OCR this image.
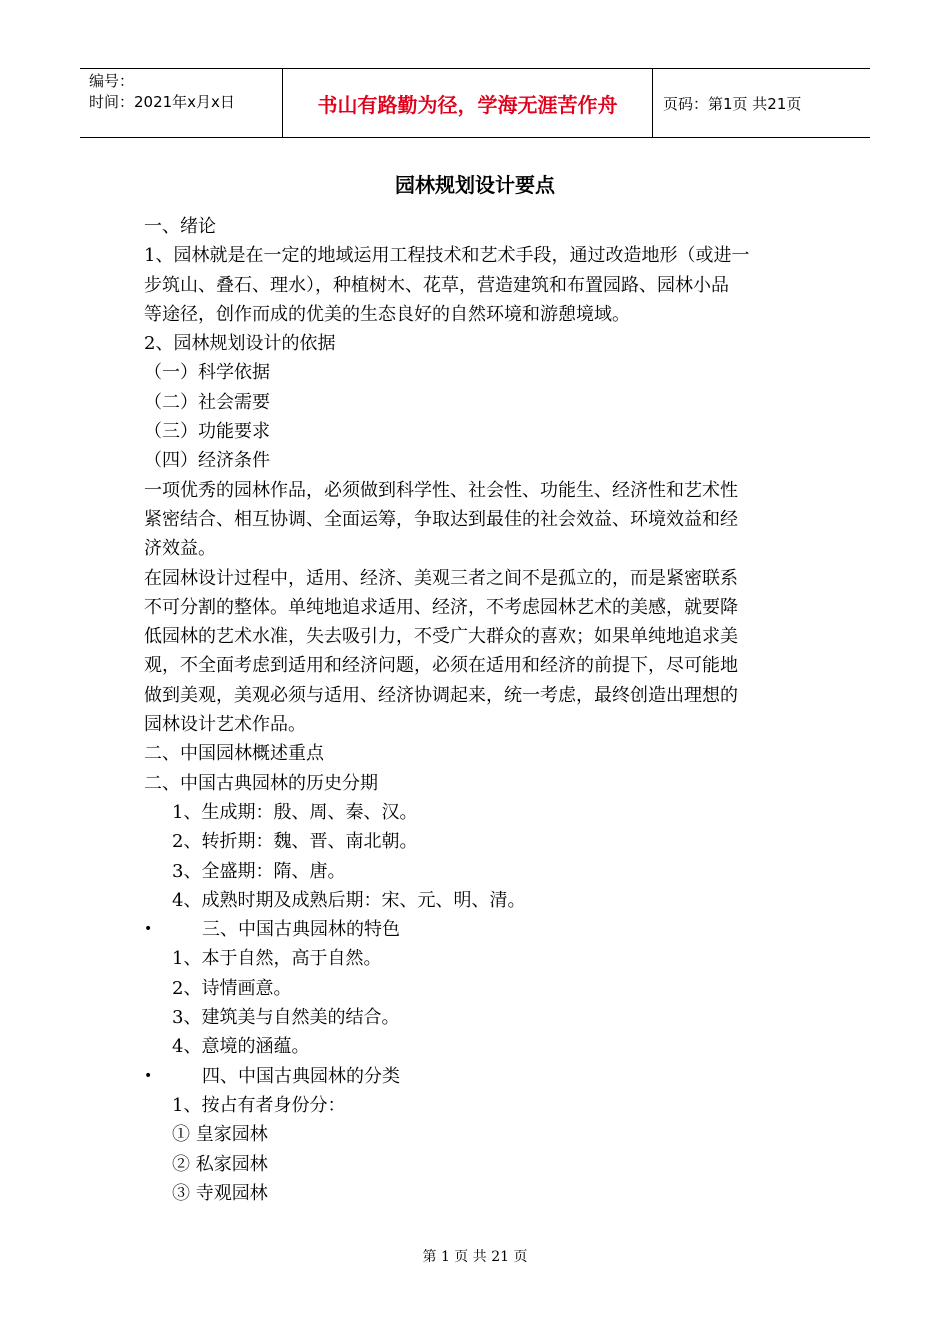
编号：
时间：2021年x月x日	书山有路勤为径，学海无涯苦作舟	页码：第1页 共21页
园林规划设计要点
一、绪论
1、园林就是在一定的地域运用工程技术和艺术手段，通过改造地形（或进一
步筑山、叠石、理水），种植树木、花草，营造建筑和布置园路、园林小品
等途径，创作而成的优美的生态良好的自然环境和游憩境域。
2、园林规划设计的依据
（一）科学依据
（二）社会需要
（三）功能要求
（四）经济条件
一项优秀的园林作品，必须做到科学性、社会性、功能生、经济性和艺术性
紧密结合、相互协调、全面运筹，争取达到最佳的社会效益、环境效益和经
济效益。
在园林设计过程中，适用、经济、美观三者之间不是孤立的，而是紧密联系
不可分割的整体。单纯地追求适用、经济，不考虑园林艺术的美感，就要降
低园林的艺术水准，失去吸引力，不受广大群众的喜欢；如果单纯地追求美
观，不全面考虑到适用和经济问题，必须在适用和经济的前提下，尽可能地
做到美观，美观必须与适用、经济协调起来，统一考虑，最终创造出理想的
园林设计艺术作品。
二、中国园林概述重点
二、中国古典园林的历史分期
1、生成期：殷、周、秦、汉。
2、转折期：魏、晋、南北朝。
3、全盛期：隋、唐。
4、成熟时期及成熟后期：宋、元、明、清。
•	三、中国古典园林的特色
1、本于自然，高于自然。
2、诗情画意。
3、建筑美与自然美的结合。
4、意境的涵蕴。
•	四、中国古典园林的分类
1、按占有者身份分：
① 皇家园林
② 私家园林
③ 寺观园林
第 1 页 共 21 页
